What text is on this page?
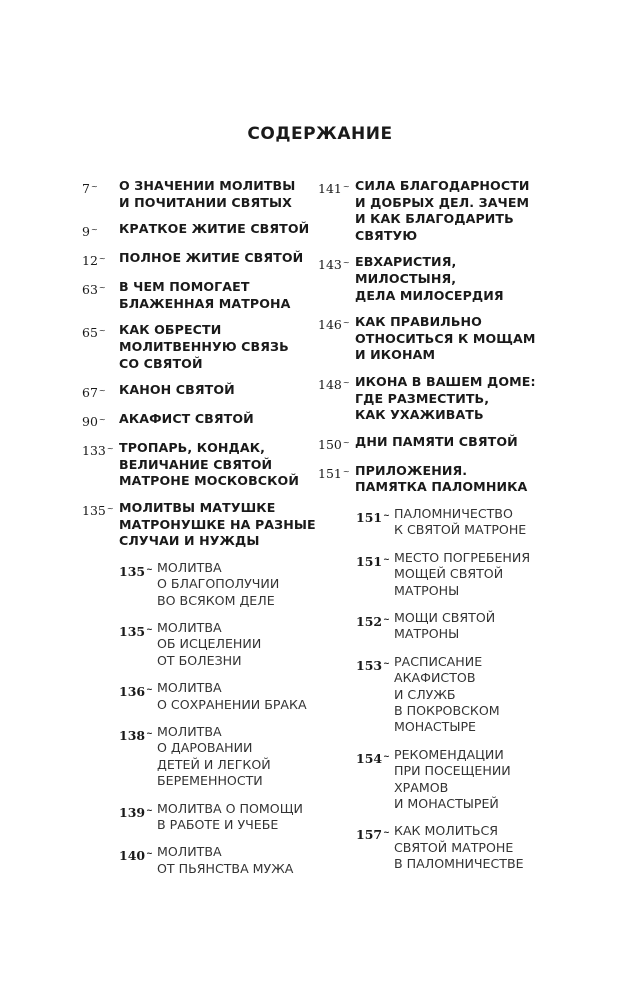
СОДЕРЖАНИЕ
7~	О ЗНАЧЕНИИ МОЛИТВЫ
И ПОЧИТАНИИ СВЯТЫХ
9~	КРАТКОЕ ЖИТИЕ СВЯТОЙ
12~	ПОЛНОЕ ЖИТИЕ СВЯТОЙ
63~	В ЧЕМ ПОМОГАЕТ
БЛАЖЕННАЯ МАТРОНА
65~	КАК ОБРЕСТИ
МОЛИТВЕННУЮ СВЯЗЬ
СО СВЯТОЙ
67~	КАНОН СВЯТОЙ
90~	АКАФИСТ СВЯТОЙ
133~ ТРОПАРЬ, КОНДАК,
ВЕЛИЧАНИЕ СВЯТОЙ
МАТРОНЕ МОСКОВСКОЙ
135~ МОЛИТВЫ МАТУШКЕ
МАТРОНУШКЕ НА РАЗНЫЕ
СЛУЧАИ И НУЖДЫ
135~ МОЛИТВА
О БЛАГОПОЛУЧИИ
ВО ВСЯКОМ ДЕЛЕ
135~ МОЛИТВА
ОБ ИСЦЕЛЕНИИ
ОТ БОЛЕЗНИ
136~ МОЛИТВА
О СОХРАНЕНИИ БРАКА
138~ МОЛИТВА
О ДАРОВАНИИ
ДЕТЕЙ И ЛЕГКОЙ
БЕРЕМЕННОСТИ
139~ МОЛИТВА О ПОМОЩИ
В РАБОТЕ И УЧЕБЕ
140~ МОЛИТВА
ОТ ПЬЯНСТВА МУЖА
141~ СИЛА БЛАГОДАРНОСТИ
И ДОБРЫХ ДЕЛ. ЗАЧЕМ
И КАК БЛАГОДАРИТЬ
СВЯТУЮ
143~ ЕВХАРИСТИЯ,
МИЛОСТЫНЯ,
ДЕЛА МИЛОСЕРДИЯ
146~ КАК ПРАВИЛЬНО
ОТНОСИТЬСЯ К МОЩАМ
И ИКОНАМ
148~ ИКОНА В ВАШЕМ ДОМЕ:
ГДЕ РАЗМЕСТИТЬ,
КАК УХАЖИВАТЬ
150~ ДНИ ПАМЯТИ СВЯТОЙ
151~ ПРИЛОЖЕНИЯ.
ПАМЯТКА ПАЛОМНИКА
151~ ПАЛОМНИЧЕСТВО
К СВЯТОЙ МАТРОНЕ
151~ МЕСТО ПОГРЕБЕНИЯ
МОЩЕЙ СВЯТОЙ
МАТРОНЫ
152~ МОЩИ СВЯТОЙ
МАТРОНЫ
153~ РАСПИСАНИЕ
АКАФИСТОВ
И СЛУЖБ
В ПОКРОВСКОМ
МОНАСТЫРЕ
154~ РЕКОМЕНДАЦИИ
ПРИ ПОСЕЩЕНИИ
ХРАМОВ
И МОНАСТЫРЕЙ
157~ КАК МОЛИТЬСЯ
СВЯТОЙ МАТРОНЕ
В ПАЛОМНИЧЕСТВЕ
